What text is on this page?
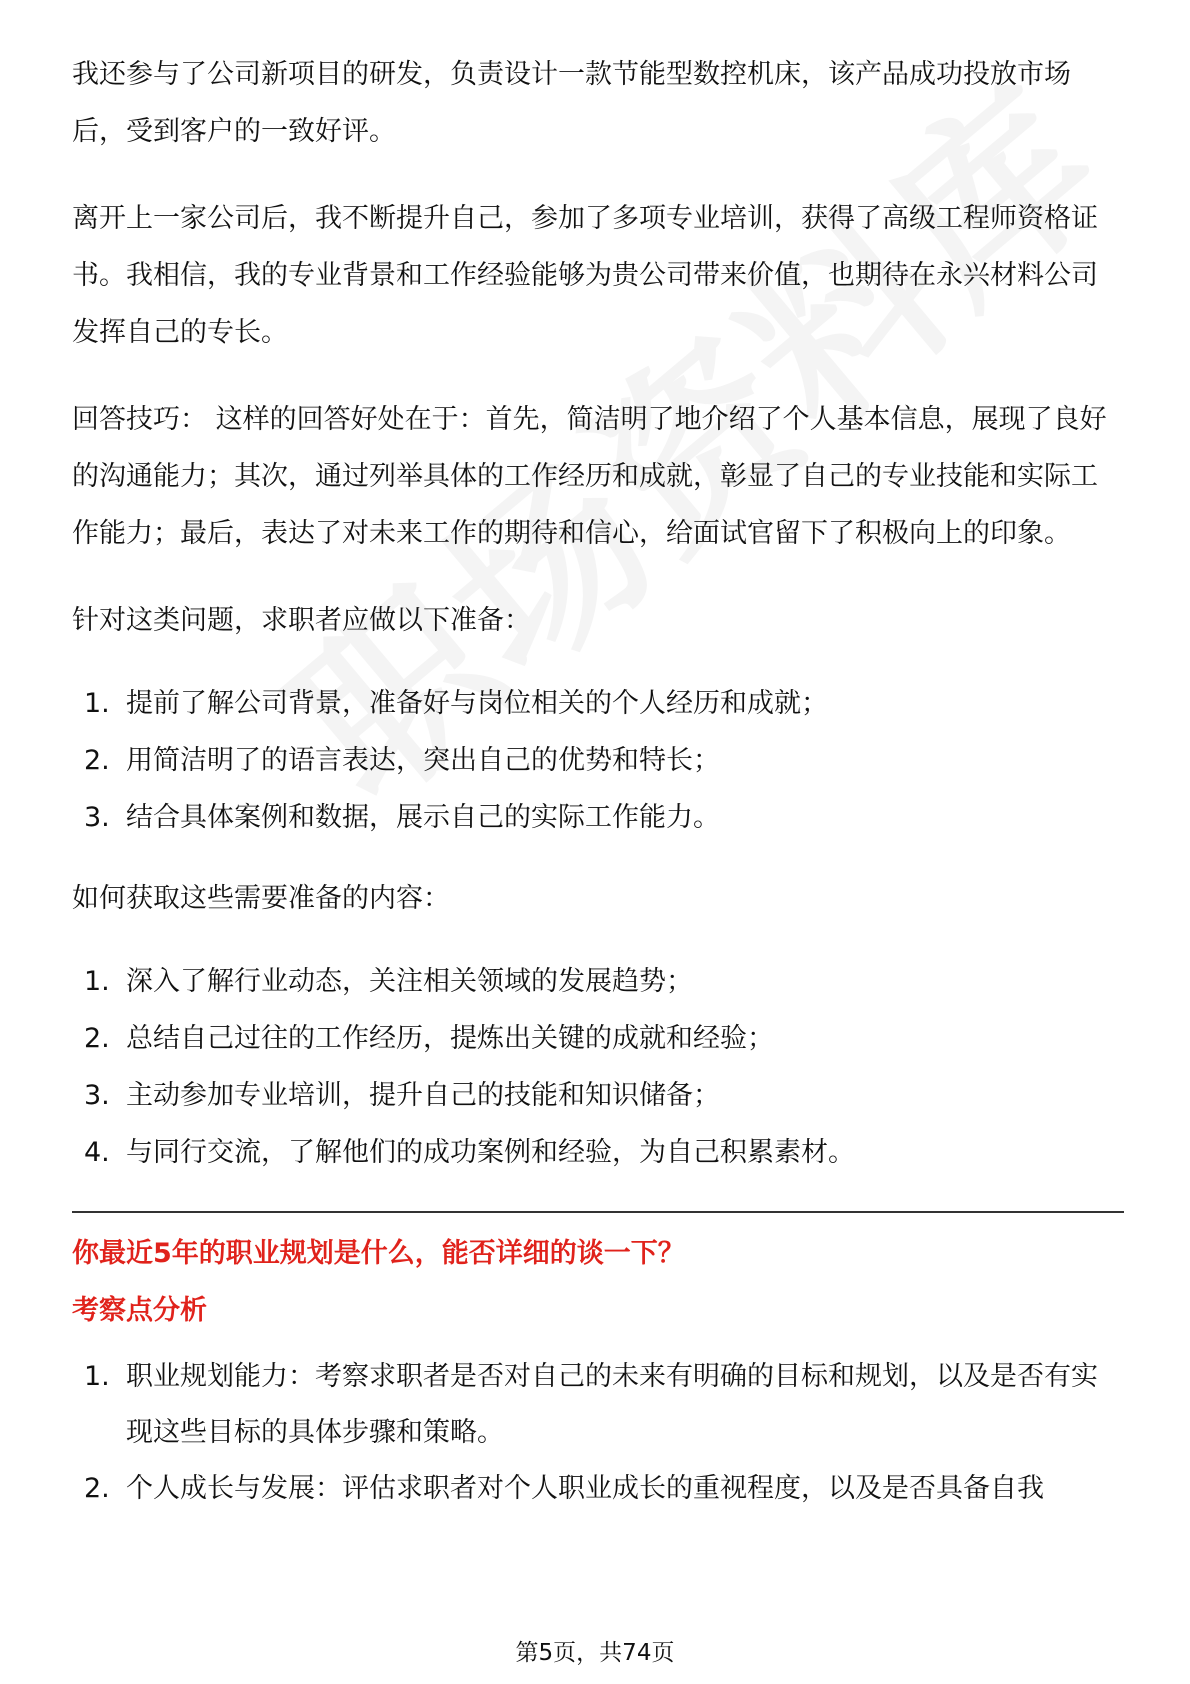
我还参与了公司新项目的研发，负责设计一款节能型数控机床，该产品成功投放市场后，受到客户的一致好评。

离开上一家公司后，我不断提升自己，参加了多项专业培训，获得了高级工程师资格证书。我相信，我的专业背景和工作经验能够为贵公司带来价值，也期待在永兴材料公司发挥自己的专长。

回答技巧： 这样的回答好处在于：首先，简洁明了地介绍了个人基本信息，展现了良好的沟通能力；其次，通过列举具体的工作经历和成就，彰显了自己的专业技能和实际工作能力；最后，表达了对未来工作的期待和信心，给面试官留下了积极向上的印象。

针对这类问题，求职者应做以下准备：

1. 提前了解公司背景，准备好与岗位相关的个人经历和成就；
2. 用简洁明了的语言表达，突出自己的优势和特长；
3. 结合具体案例和数据，展示自己的实际工作能力。

如何获取这些需要准备的内容：

1. 深入了解行业动态，关注相关领域的发展趋势；
2. 总结自己过往的工作经历，提炼出关键的成就和经验；
3. 主动参加专业培训，提升自己的技能和知识储备；
4. 与同行交流，了解他们的成功案例和经验，为自己积累素材。
你最近5年的职业规划是什么，能否详细的谈一下？
考察点分析
1. 职业规划能力：考察求职者是否对自己的未来有明确的目标和规划，以及是否有实现这些目标的具体步骤和策略。
2. 个人成长与发展：评估求职者对个人职业成长的重视程度，以及是否具备自我
第5页，共74页
